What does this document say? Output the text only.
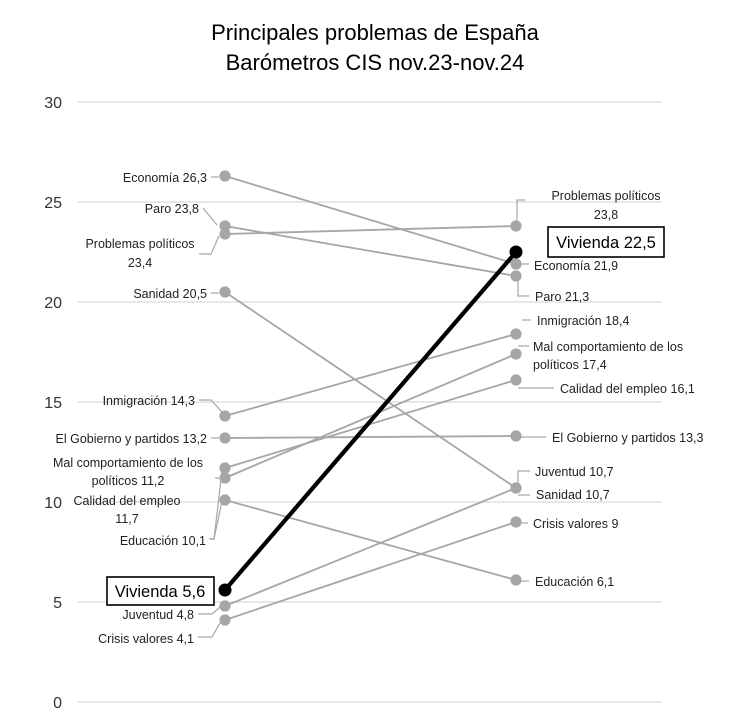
0
5
10
15
20
25
30
Principales problemas de España
Barómetros CIS nov.23-nov.24
Economía 26,3
Economía 21,9
Paro 23,8
Paro 21,3
Problemas políticos
23,4
Problemas políticos
23,8
Sanidad 20,5
Sanidad 10,7
Inmigración 14,3
Inmigración 18,4
El Gobierno y partidos 13,2	El Gobierno y partidos 13,3
Mal comportamiento de los
políticos 11,2
Mal comportamiento de los
políticos 17,4
Calidad del empleo
11,7
Calidad del empleo 16,1
Educación 10,1
Educación 6,1
Juventud 4,8
Juventud 10,7
Crisis valores 4,1
Crisis valores 9
Vivienda 5,6
Vivienda 22,5
